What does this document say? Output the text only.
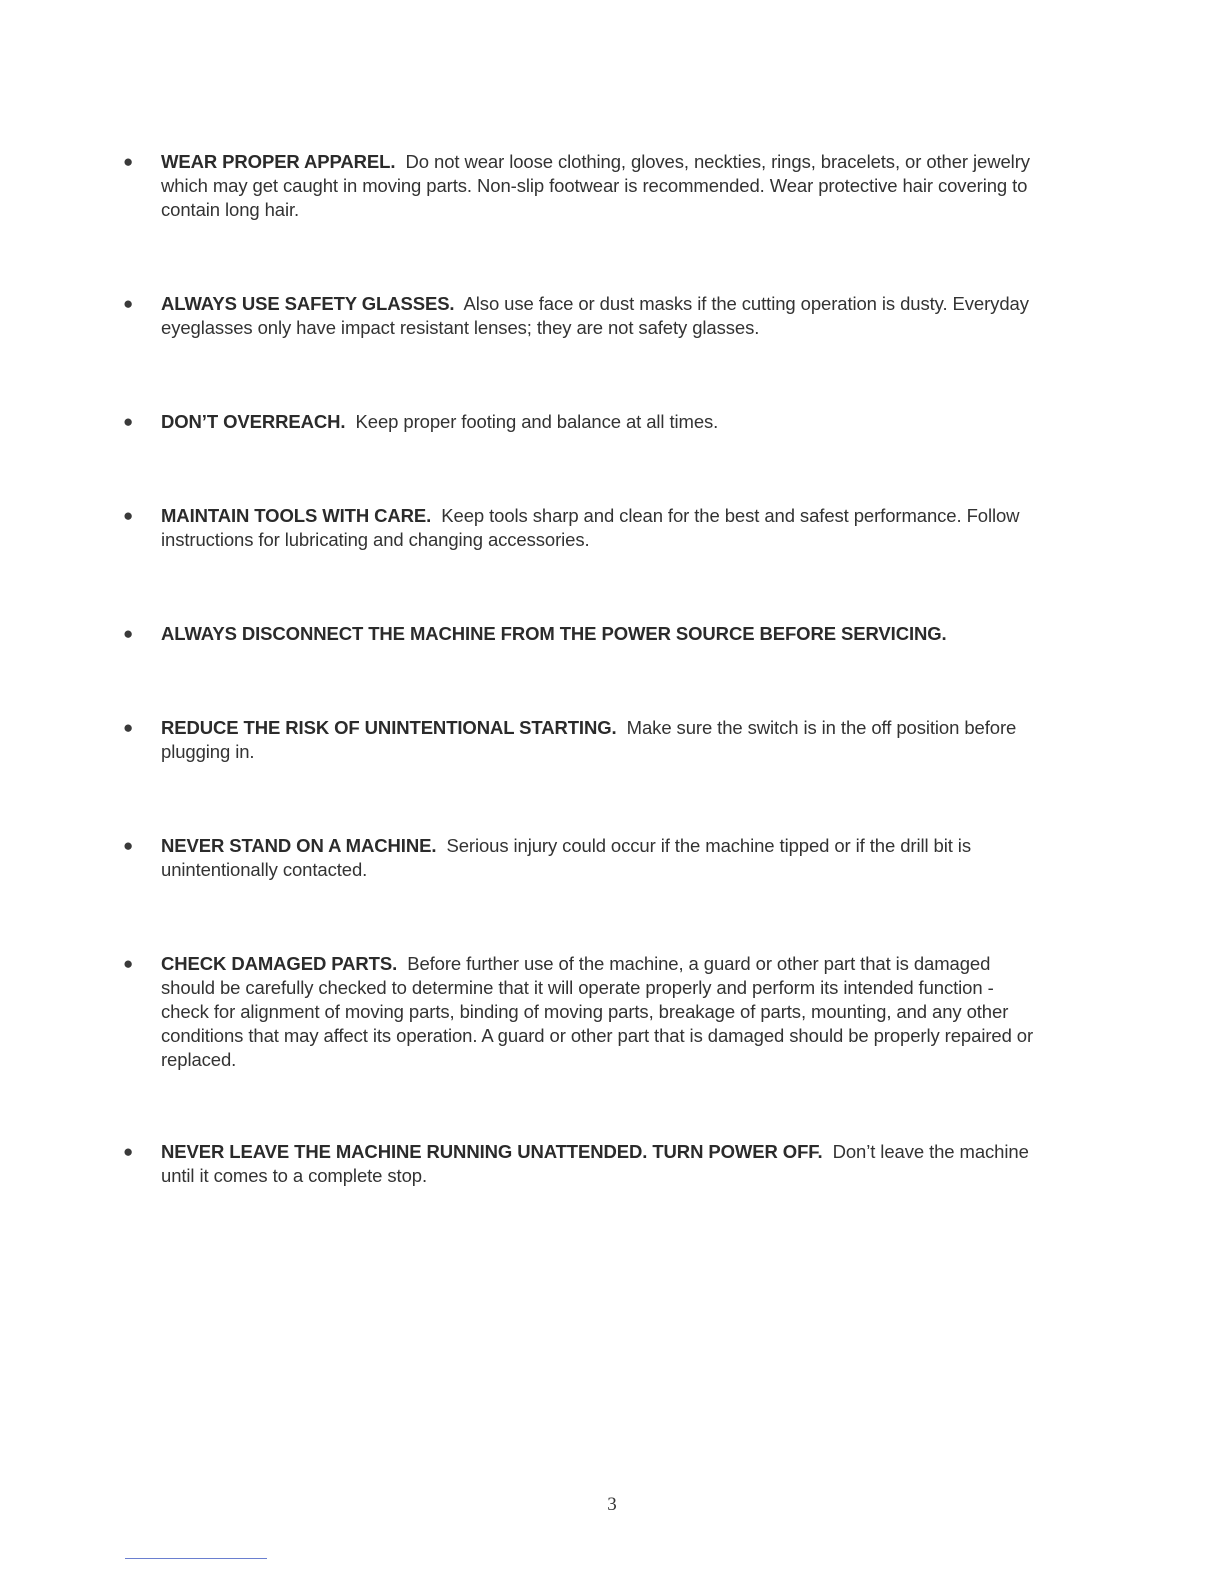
● WEAR PROPER APPAREL. Do not wear loose clothing, gloves, neckties, rings, bracelets, or other jewelry which may get caught in moving parts. Non-slip footwear is recommended. Wear protective hair covering to contain long hair.
● ALWAYS USE SAFETY GLASSES. Also use face or dust masks if the cutting operation is dusty. Everyday eyeglasses only have impact resistant lenses; they are not safety glasses.
● DON’T OVERREACH. Keep proper footing and balance at all times.
● MAINTAIN TOOLS WITH CARE. Keep tools sharp and clean for the best and safest performance. Follow instructions for lubricating and changing accessories.
● ALWAYS DISCONNECT THE MACHINE FROM THE POWER SOURCE BEFORE SERVICING.
● REDUCE THE RISK OF UNINTENTIONAL STARTING. Make sure the switch is in the off position before plugging in.
● NEVER STAND ON A MACHINE. Serious injury could occur if the machine tipped or if the drill bit is unintentionally contacted.
● CHECK DAMAGED PARTS. Before further use of the machine, a guard or other part that is damaged should be carefully checked to determine that it will operate properly and perform its intended function - check for alignment of moving parts, binding of moving parts, breakage of parts, mounting, and any other conditions that may affect its operation. A guard or other part that is damaged should be properly repaired or replaced.
● NEVER LEAVE THE MACHINE RUNNING UNATTENDED. TURN POWER OFF. Don’t leave the machine until it comes to a complete stop.
3
